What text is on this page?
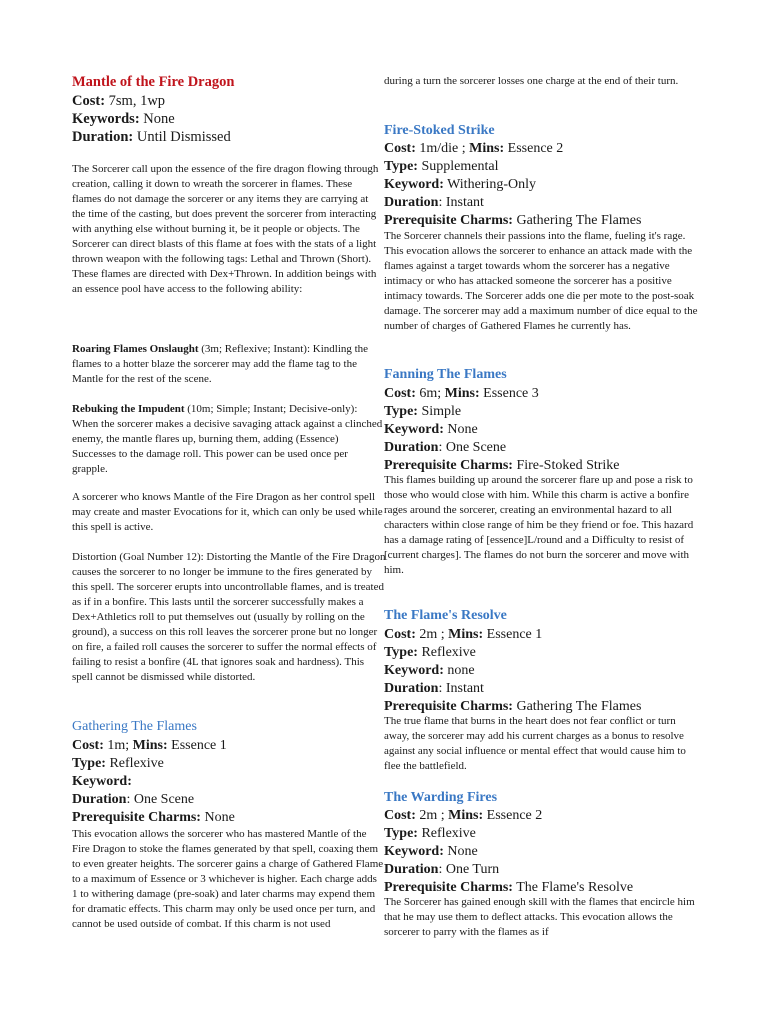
Mantle of the Fire Dragon
Cost: 7sm, 1wp
Keywords: None
Duration: Until Dismissed

The Sorcerer call upon the essence of the fire dragon flowing through creation, calling it down to wreath the sorcerer in flames. These flames do not damage the sorcerer or any items they are carrying at the time of the casting, but does prevent the sorcerer from interacting with anything else without burning it, be it people or objects. The Sorcerer can direct blasts of this flame at foes with the stats of a light thrown weapon with the following tags: Lethal and Thrown (Short). These flames are directed with Dex+Thrown. In addition beings with an essence pool have access to the following ability:

Roaring Flames Onslaught (3m; Reflexive; Instant): Kindling the flames to a hotter blaze the sorcerer may add the flame tag to the Mantle for the rest of the scene.

Rebuking the Impudent (10m; Simple; Instant; Decisive-only): When the sorcerer makes a decisive savaging attack against a clinched enemy, the mantle flares up, burning them, adding (Essence) Successes to the damage roll. This power can be used once per grapple.

A sorcerer who knows Mantle of the Fire Dragon as her control spell may create and master Evocations for it, which can only be used while this spell is active.

Distortion (Goal Number 12): Distorting the Mantle of the Fire Dragon causes the sorcerer to no longer be immune to the fires generated by this spell. The sorcerer erupts into uncontrollable flames, and is treated as if in a bonfire. This lasts until the sorcerer successfully makes a Dex+Athletics roll to put themselves out (usually by rolling on the ground), a success on this roll leaves the sorcerer prone but no longer on fire, a failed roll causes the sorcerer to suffer the normal effects of failing to resist a bonfire (4L that ignores soak and hardness). This spell cannot be dismissed while distorted.

Gathering The Flames
Cost: 1m; Mins: Essence 1
Type: Reflexive
Keyword:
Duration: One Scene
Prerequisite Charms: None

This evocation allows the sorcerer who has mastered Mantle of the Fire Dragon to stoke the flames generated by that spell, coaxing them to even greater heights. The sorcerer gains a charge of Gathered Flame to a maximum of Essence or 3 whichever is higher. Each charge adds 1 to withering damage (pre-soak) and later charms may expend them for dramatic effects. This charm may only be used once per turn, and cannot be used outside of combat. If this charm is not used

during a turn the sorcerer losses one charge at the end of their turn.

Fire-Stoked Strike
Cost: 1m/die ; Mins: Essence 2
Type: Supplemental
Keyword: Withering-Only
Duration: Instant
Prerequisite Charms: Gathering The Flames

The Sorcerer channels their passions into the flame, fueling it's rage. This evocation allows the sorcerer to enhance an attack made with the flames against a target towards whom the sorcerer has a negative intimacy or who has attacked someone the sorcerer has a positive intimacy towards. The Sorcerer adds one die per mote to the post-soak damage. The sorcerer may add a maximum number of dice equal to the number of charges of Gathered Flames he currently has.

Fanning The Flames
Cost: 6m; Mins: Essence 3
Type: Simple
Keyword: None
Duration: One Scene
Prerequisite Charms: Fire-Stoked Strike

This flames building up around the sorcerer flare up and pose a risk to those who would close with him. While this charm is active a bonfire rages around the sorcerer, creating an environmental hazard to all characters within close range of him be they friend or foe. This hazard has a damage rating of [essence]L/round and a Difficulty to resist of [current charges]. The flames do not burn the sorcerer and move with him.

The Flame's Resolve
Cost: 2m ; Mins: Essence 1
Type: Reflexive
Keyword: none
Duration: Instant
Prerequisite Charms: Gathering The Flames

The true flame that burns in the heart does not fear conflict or turn away, the sorcerer may add his current charges as a bonus to resolve against any social influence or mental effect that would cause him to flee the battlefield.

The Warding Fires
Cost: 2m ; Mins: Essence 2
Type: Reflexive
Keyword: None
Duration: One Turn
Prerequisite Charms: The Flame's Resolve

The Sorcerer has gained enough skill with the flames that encircle him that he may use them to deflect attacks. This evocation allows the sorcerer to parry with the flames as if
